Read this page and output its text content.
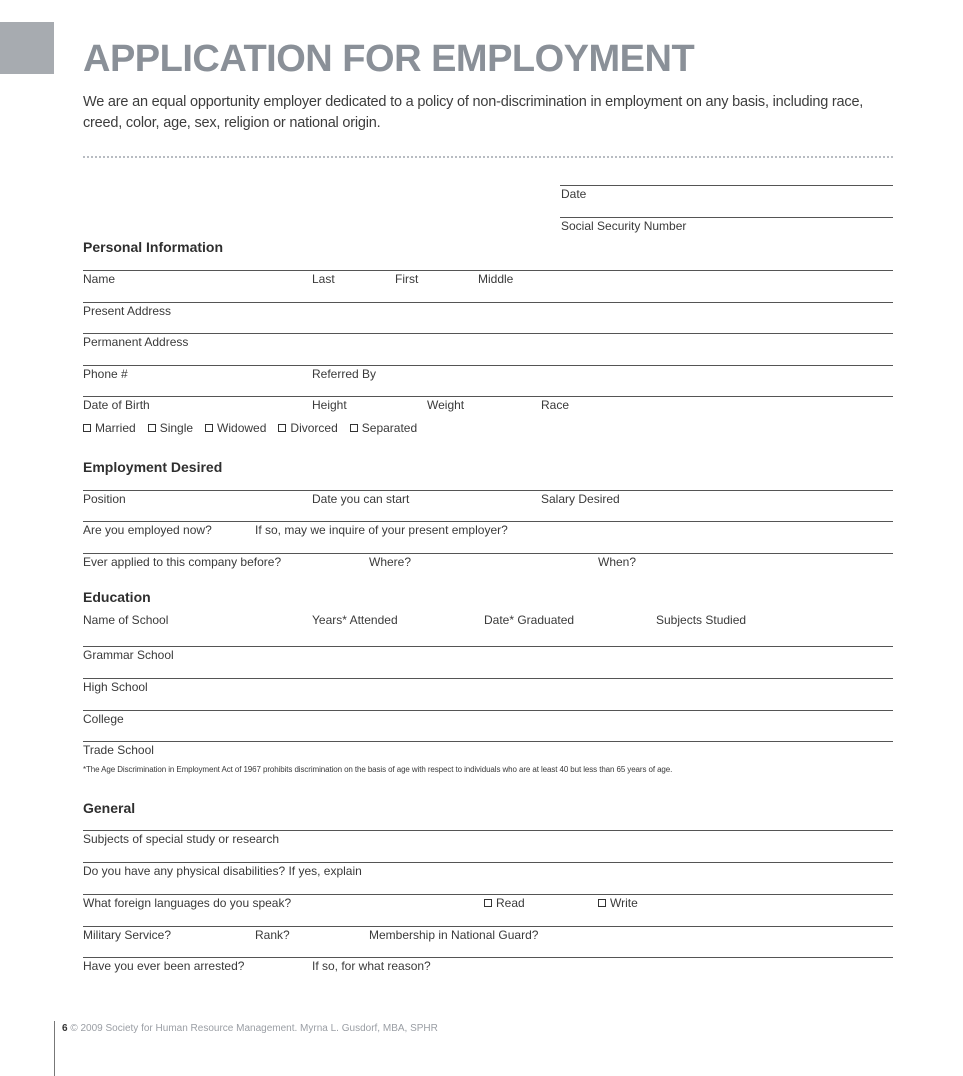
APPLICATION FOR EMPLOYMENT
We are an equal opportunity employer dedicated to a policy of non-discrimination in employment on any basis, including race, creed, color, age, sex, religion or national origin.
Date
Social Security Number
Personal Information
Name	Last	First	Middle
Present Address
Permanent Address
Phone #	Referred By
Date of Birth	Height	Weight	Race
Married Single Widowed Divorced Separated
Employment Desired
Position	Date you can start	Salary Desired
Are you employed now?	If so, may we inquire of your present employer?
Ever applied to this company before?	Where?	When?
Education
Name of School	Years* Attended	Date* Graduated	Subjects Studied
Grammar School
High School
College
Trade School
*The Age Discrimination in Employment Act of 1967 prohibits discrimination on the basis of age with respect to individuals who are at least 40 but less than 65 years of age.
General
Subjects of special study or research
Do you have any physical disabilities? If yes, explain
What foreign languages do you speak?	Read	Write
Military Service?	Rank?	Membership in National Guard?
Have you ever been arrested?	If so, for what reason?
6 © 2009 Society for Human Resource Management. Myrna L. Gusdorf, MBA, SPHR
